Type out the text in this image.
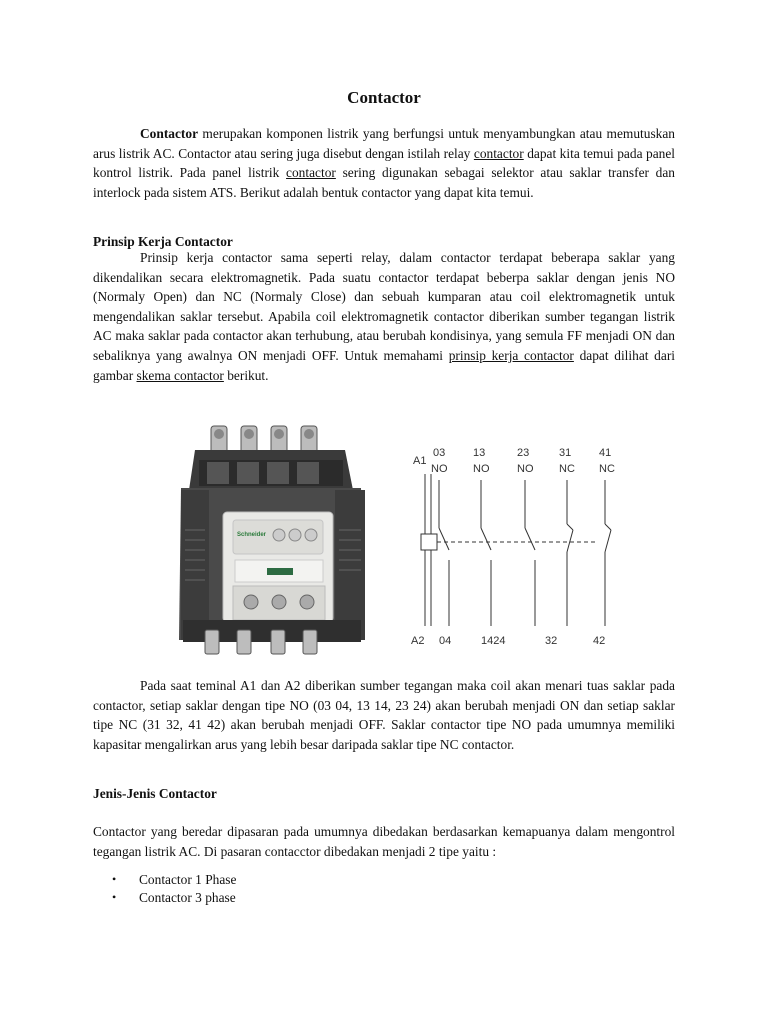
Contactor

Contactor merupakan komponen listrik yang berfungsi untuk menyambungkan atau memutuskan arus listrik AC. Contactor atau sering juga disebut dengan istilah relay contactor dapat kita temui pada panel kontrol listrik. Pada panel listrik contactor sering digunakan sebagai selektor atau saklar transfer dan interlock pada sistem ATS. Berikut adalah bentuk contactor yang dapat kita temui.

Prinsip Kerja Contactor

Prinsip kerja contactor sama seperti relay, dalam contactor terdapat beberapa saklar yang dikendalikan secara elektromagnetik. Pada suatu contactor terdapat beberpa saklar dengan jenis NO (Normaly Open) dan NC (Normaly Close) dan sebuah kumparan atau coil elektromagnetik untuk mengendalikan saklar tersebut. Apabila coil elektromagnetik contactor diberikan sumber tegangan listrik AC maka saklar pada contactor akan terhubung, atau berubah kondisinya, yang semula FF menjadi ON dan sebaliknya yang awalnya ON menjadi OFF. Untuk memahami prinsip kerja contactor dapat dilihat dari gambar skema contactor berikut.

Schneider
03	13	23	31	41
NO NO	NO NC NC
A1
A2 04	1424	32	42

Pada saat teminal A1 dan A2 diberikan sumber tegangan maka coil akan menari tuas saklar pada contactor, setiap saklar dengan tipe NO (03 04, 13 14, 23 24) akan berubah menjadi ON dan setiap saklar tipe NC (31 32, 41 42) akan berubah menjadi OFF. Saklar contactor tipe NO pada umumnya memiliki kapasitar mengalirkan arus yang lebih besar daripada saklar tipe NC contactor.

Jenis-Jenis Contactor

Contactor yang beredar dipasaran pada umumnya dibedakan berdasarkan kemapuanya dalam mengontrol tegangan listrik AC. Di pasaran contacctor dibedakan menjadi 2 tipe yaitu :

• Contactor 1 Phase
• Contactor 3 phase
